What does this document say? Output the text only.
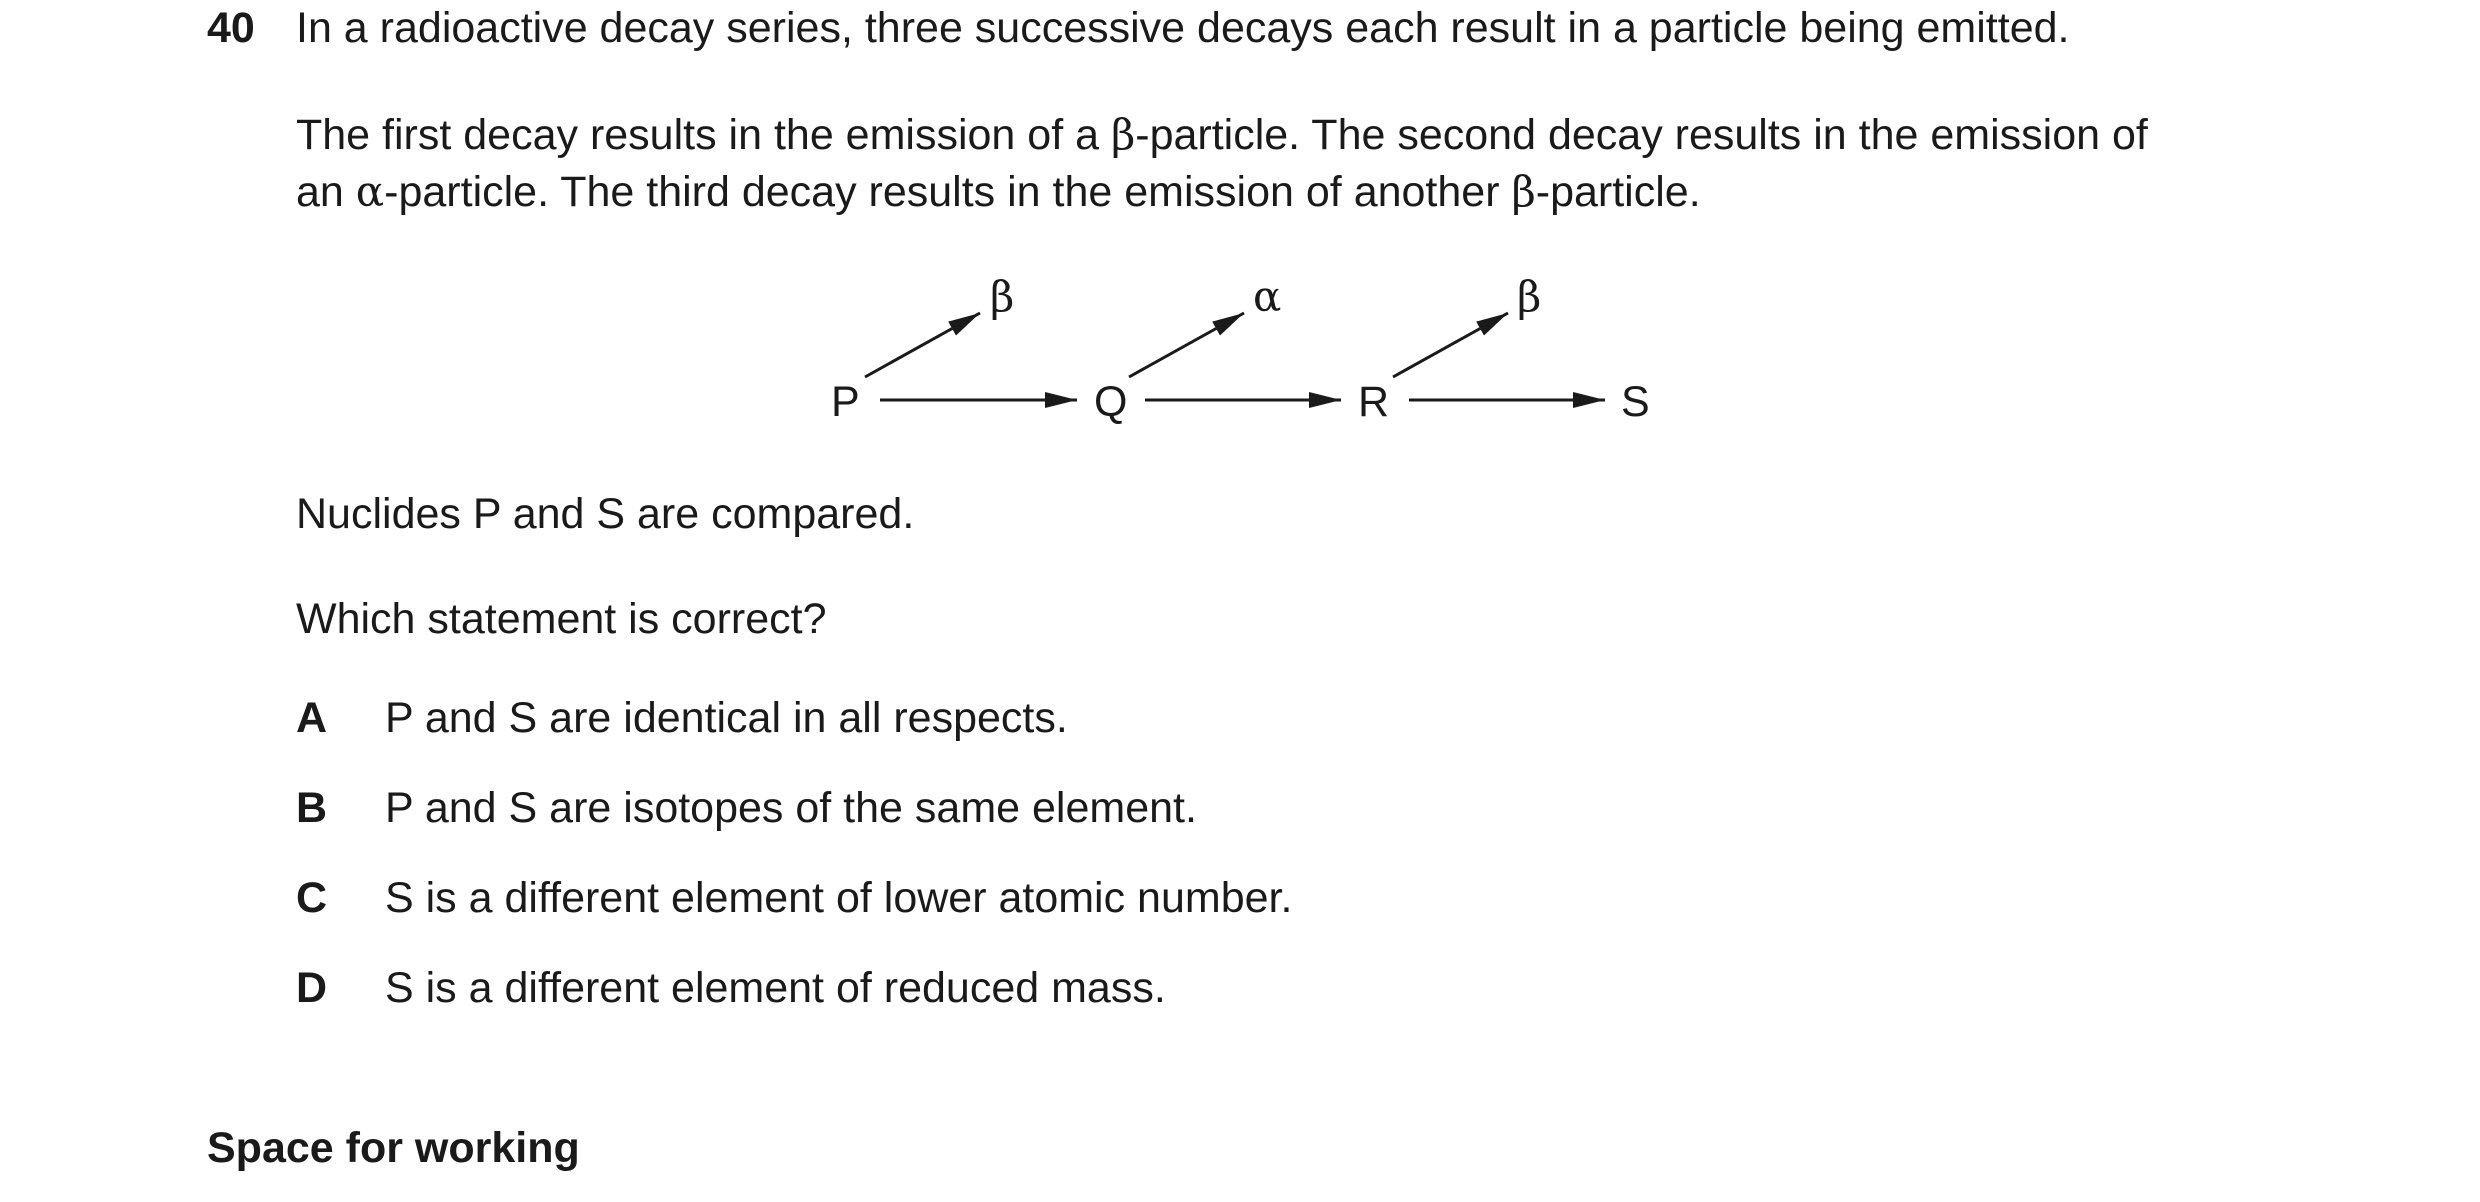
40 In a radioactive decay series, three successive decays each result in a particle being emitted.
The first decay results in the emission of a β-particle. The second decay results in the emission of
an α-particle. The third decay results in the emission of another β-particle.
P	Q	R	S
β	α	β
Nuclides P and S are compared.
Which statement is correct?
A P and S are identical in all respects.
B P and S are isotopes of the same element.
C S is a different element of lower atomic number.
D S is a different element of reduced mass.
Space for working
